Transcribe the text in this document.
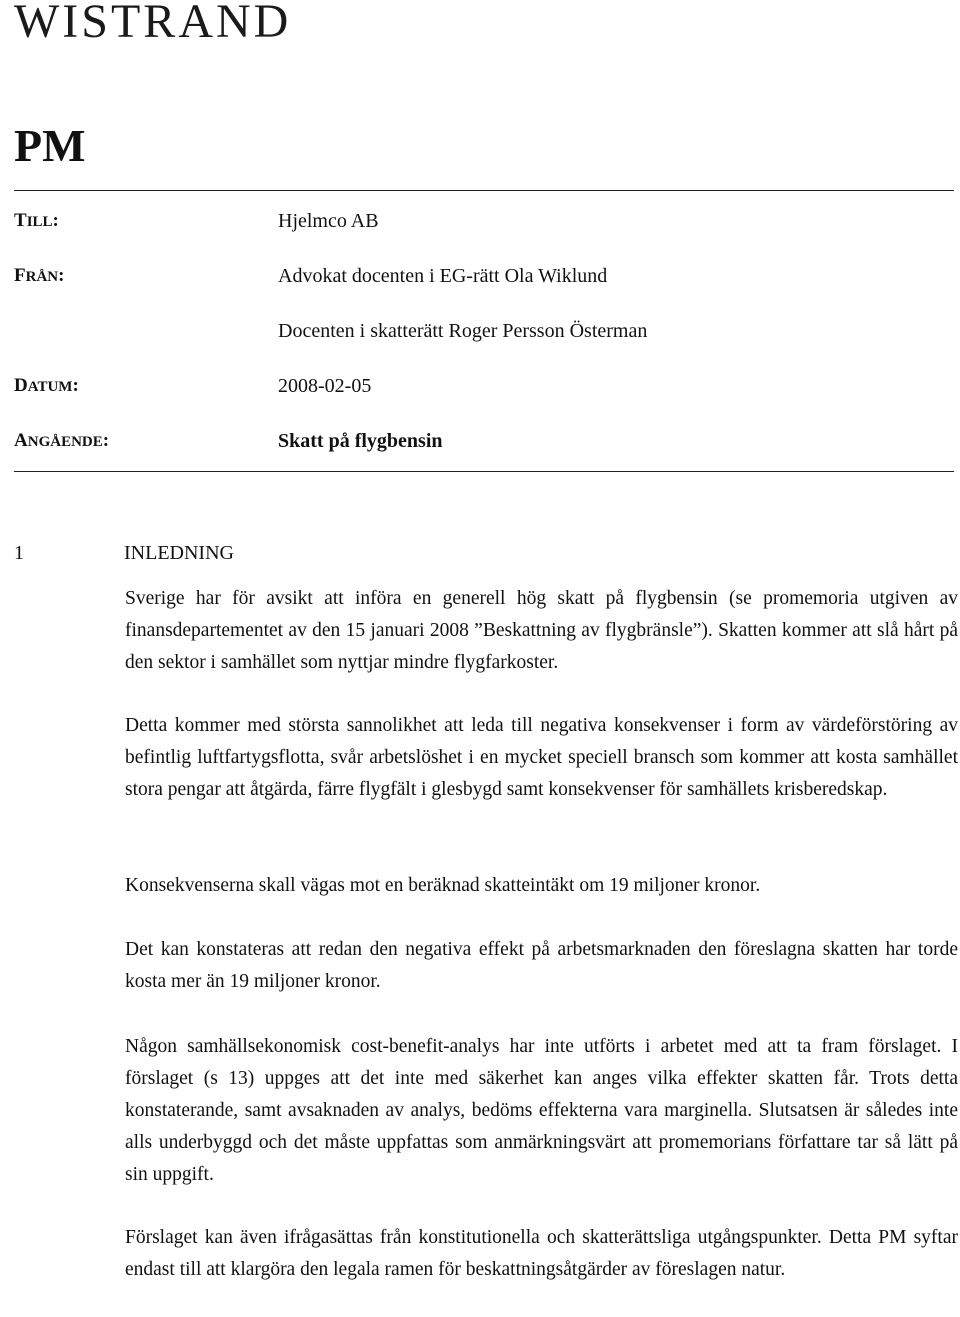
WISTRAND
PM
TILL:	Hjelmco AB
FRÅN:	Advokat docenten i EG-rätt Ola Wiklund
Docenten i skatterätt Roger Persson Österman
DATUM:	2008-02-05
ANGÅENDE:	Skatt på flygbensin
1	INLEDNING

Sverige har för avsikt att införa en generell hög skatt på flygbensin (se promemoria utgiven av finansdepartementet av den 15 januari 2008 ”Beskattning av flygbränsle”). Skatten kommer att slå hårt på den sektor i samhället som nyttjar mindre flygfarkoster.

Detta kommer med största sannolikhet att leda till negativa konsekvenser i form av värdeförstöring av befintlig luftfartygsflotta, svår arbetslöshet i en mycket speciell bransch som kommer att kosta samhället stora pengar att åtgärda, färre flygfält i glesbygd samt konsekvenser för samhällets krisberedskap.

Konsekvenserna skall vägas mot en beräknad skatteintäkt om 19 miljoner kronor.

Det kan konstateras att redan den negativa effekt på arbetsmarknaden den föreslagna skatten har torde kosta mer än 19 miljoner kronor.

Någon samhällsekonomisk cost-benefit-analys har inte utförts i arbetet med att ta fram förslaget. I förslaget (s 13) uppges att det inte med säkerhet kan anges vilka effekter skatten får. Trots detta konstaterande, samt avsaknaden av analys, bedöms effekterna vara marginella. Slutsatsen är således inte alls underbyggd och det måste uppfattas som anmärkningsvärt att promemorians författare tar så lätt på sin uppgift.

Förslaget kan även ifrågasättas från konstitutionella och skatterättsliga utgångspunkter. Detta PM syftar endast till att klargöra den legala ramen för beskattningsåtgärder av föreslagen natur.
